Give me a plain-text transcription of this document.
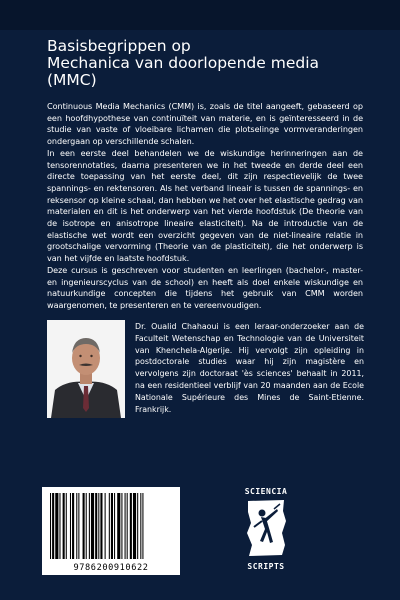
Basisbegrippen op
Mechanica van doorlopende media
(MMC)

Continuous Media Mechanics (CMM) is, zoals de titel aangeeft, gebaseerd op een hoofdhypothese van continuïteit van materie, en is geïnteresseerd in de studie van vaste of vloeibare lichamen die plotselinge vormveranderingen ondergaan op verschillende schalen.

In een eerste deel behandelen we de wiskundige herinneringen aan de tensorennotaties, daarna presenteren we in het tweede en derde deel een directe toepassing van het eerste deel, dit zijn respectievelijk de twee spannings- en rektensoren. Als het verband lineair is tussen de spannings- en reksensor op kleine schaal, dan hebben we het over het elastische gedrag van materialen en dit is het onderwerp van het vierde hoofdstuk (De theorie van de isotrope en anisotrope lineaire elasticiteit). Na de introductie van de elastische wet wordt een overzicht gegeven van de niet-lineaire relatie in grootschalige vervorming (Theorie van de plasticiteit), die het onderwerp is van het vijfde en laatste hoofdstuk.

Deze cursus is geschreven voor studenten en leerlingen (bachelor-, master- en ingenieurscyclus van de school) en heeft als doel enkele wiskundige en natuurkundige concepten die tijdens het gebruik van CMM worden waargenomen, te presenteren en te vereenvoudigen.

Dr. Oualid Chahaoui is een leraar-onderzoeker aan de Faculteit Wetenschap en Technologie van de Universiteit van Khenchela-Algerije. Hij vervolgt zijn opleiding in postdoctorale studies waar hij zijn magistère en vervolgens zijn doctoraat 'ès sciences' behaalt in 2011, na een residentieel verblijf van 20 maanden aan de Ecole Nationale Supérieure des Mines de Saint-Etienne. Frankrijk.
9786200910622
SCIENCIA
SCRIPTS
